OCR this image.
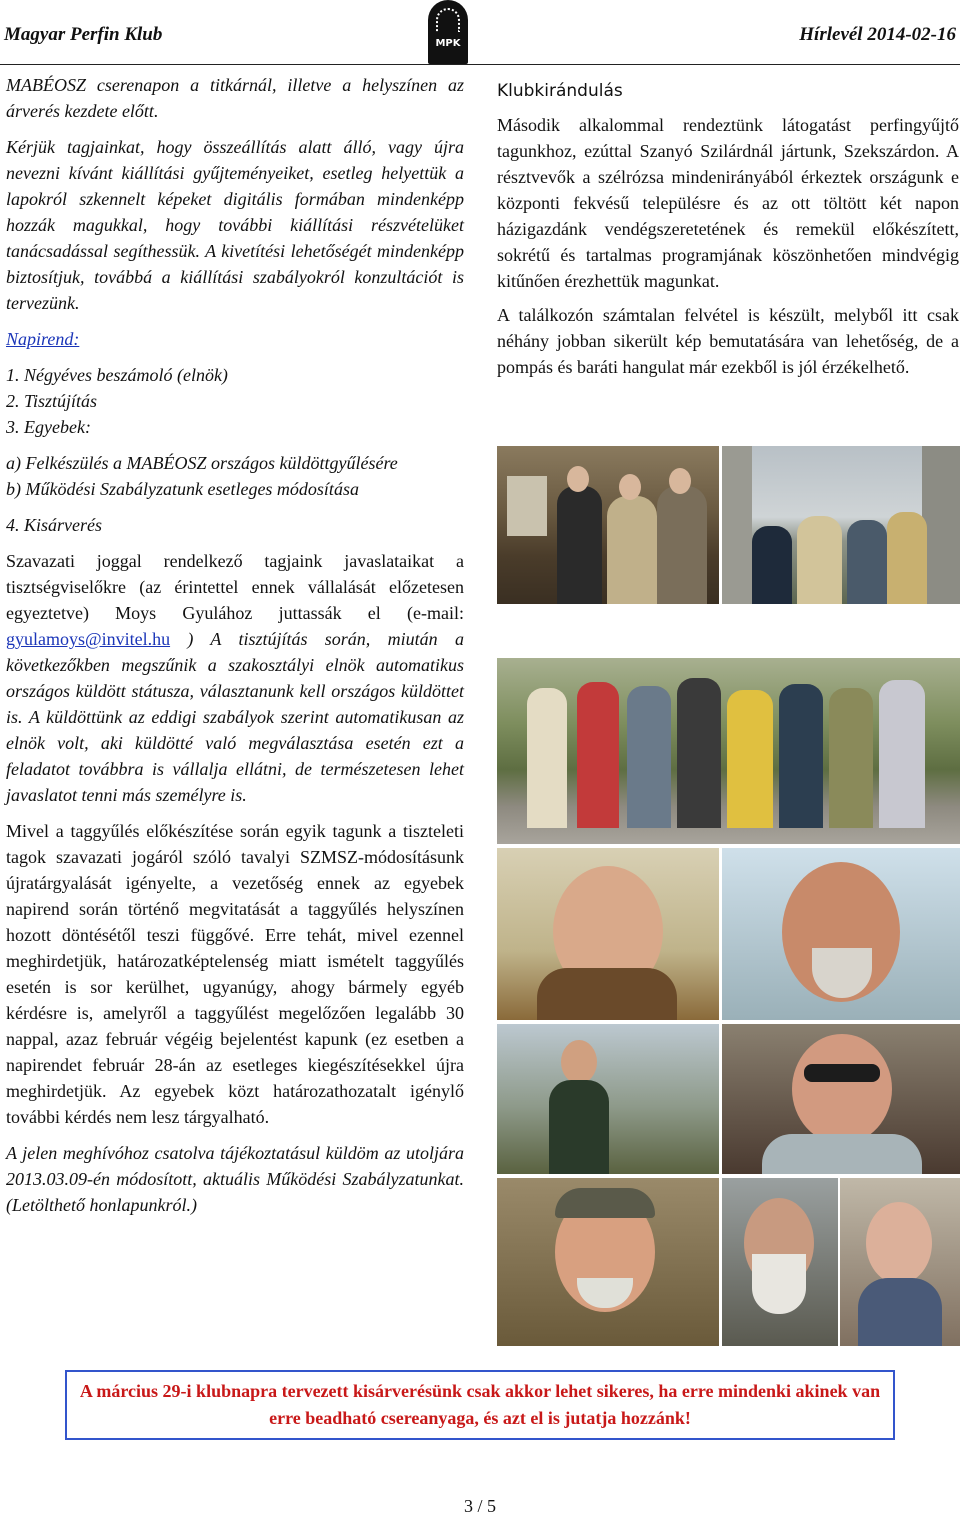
Magyar Perfin Klub	MPK	Hírlevél 2014-02-16

MABÉOSZ cserenapon a titkárnál, illetve a helyszínen az árverés kezdete előtt.

Kérjük tagjainkat, hogy összeállítás alatt álló, vagy újra nevezni kívánt kiállítási gyűjteményeiket, esetleg helyettük a lapokról szkennelt képeket digitális formában mindenképp hozzák magukkal, hogy további kiállítási részvételüket tanácsadással segíthessük. A kivetítési lehetőségét mindenképp biztosítjuk, továbbá a kiállítási szabályokról konzultációt is tervezünk.

Napirend:

1. Négyéves beszámoló (elnök)

2. Tisztújítás

3. Egyebek:

a) Felkészülés a MABÉOSZ országos küldöttgyűlésére

b) Működési Szabályzatunk esetleges módosítása

4. Kisárverés

Szavazati joggal rendelkező tagjaink javaslataikat a tisztségviselőkre (az érintettel ennek vállalását előzetesen egyeztetve) Moys Gyulához juttassák el (e-mail: gyulamoys@invitel.hu ) A tisztújítás során, miután a következőkben megszűnik a szakosztályi elnök automatikus országos küldött státusza, választanunk kell országos küldöttet is. A küldöttünk az eddigi szabályok szerint automatikusan az elnök volt, aki küldötté való megválasztása esetén ezt a feladatot továbbra is vállalja ellátni, de természetesen lehet javaslatot tenni más személyre is.

Mivel a taggyűlés előkészítése során egyik tagunk a tiszteleti tagok szavazati jogáról szóló tavalyi SZMSZ-módosításunk újratárgyalását igényelte, a vezetőség ennek az egyebek napirend során történő megvitatását a taggyűlés helyszínen hozott döntésétől teszi függővé. Erre tehát, mivel ezennel meghirdetjük, határozatképtelenség miatt ismételt taggyűlés esetén is sor kerülhet, ugyanúgy, ahogy bármely egyéb kérdésre is, amelyről a taggyűlést megelőzően legalább 30 nappal, azaz február végéig bejelentést kapunk (ez esetben a napirendet február 28-án az esetleges kiegészítésekkel újra meghirdetjük. Az egyebek közt határozathozatalt igénylő további kérdés nem lesz tárgyalható.

A jelen meghívóhoz csatolva tájékoztatásul küldöm az utoljára 2013.03.09-én módosított, aktuális Működési Szabályzatunkat. (Letölthető honlapunkról.)

Klubkirándulás

Második alkalommal rendeztünk látogatást perfingyűjtő tagunkhoz, ezúttal Szanyó Szilárdnál jártunk, Szekszárdon. A résztvevők a szélrózsa mindenirányából érkeztek országunk e központi fekvésű településre és az ott töltött két napon házigazdánk vendégszeretetének és remekül előkészített, sokrétű és tartalmas programjának köszönhetően mindvégig kitűnően érezhettük magunkat.

A találkozón számtalan felvétel is készült, melyből itt csak néhány jobban sikerült kép bemutatására van lehetőség, de a pompás és baráti hangulat már ezekből is jól érzékelhető.

A március 29-i klubnapra tervezett kisárverésünk csak akkor lehet sikeres, ha erre mindenki akinek van erre beadható csereanyaga, és azt el is jutatja hozzánk!

3 / 5
